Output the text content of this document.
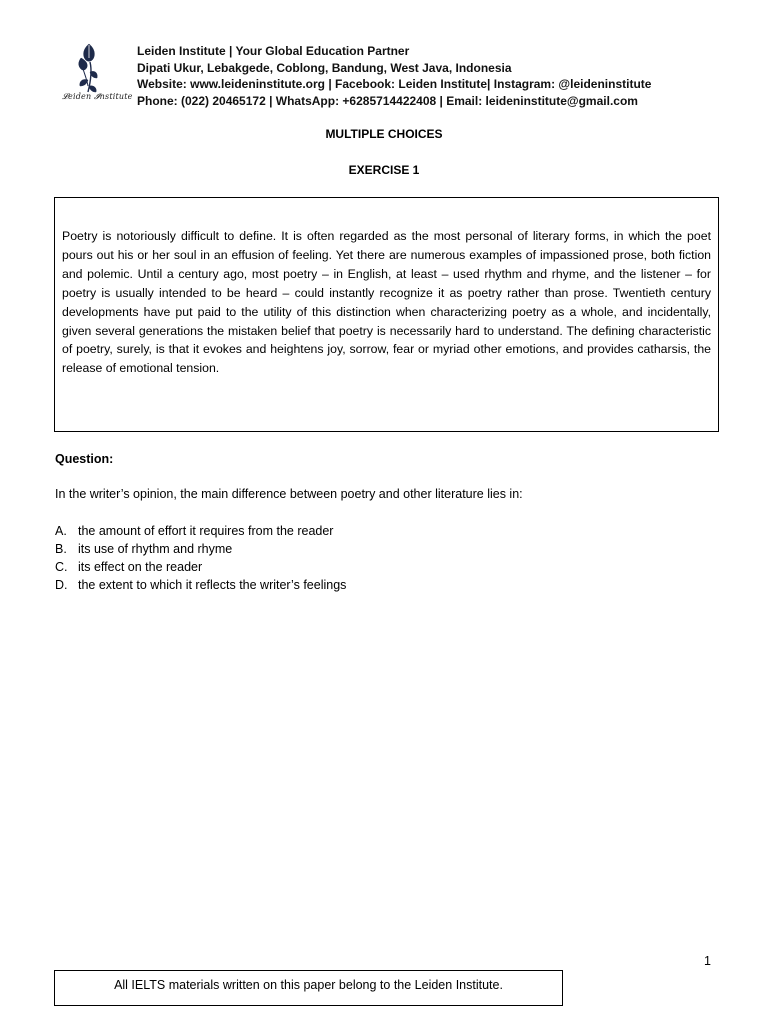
𝓛eiden 𝓘nstitute
Leiden Institute | Your Global Education Partner
Dipati Ukur, Lebakgede, Coblong, Bandung, West Java, Indonesia
Website: www.leideninstitute.org | Facebook: Leiden Institute| Instagram: @leideninstitute
Phone: (022) 20465172 | WhatsApp: +6285714422408 | Email: leideninstitute@gmail.com
MULTIPLE CHOICES
EXERCISE 1
Poetry is notoriously difficult to define. It is often regarded as the most personal of literary forms, in which the poet pours out his or her soul in an effusion of feeling. Yet there are numerous examples of impassioned prose, both fiction and polemic. Until a century ago, most poetry – in English, at least – used rhythm and rhyme, and the listener – for poetry is usually intended to be heard – could instantly recognize it as poetry rather than prose. Twentieth century developments have put paid to the utility of this distinction when characterizing poetry as a whole, and incidentally, given several generations the mistaken belief that poetry is necessarily hard to understand. The defining characteristic of poetry, surely, is that it evokes and heightens joy, sorrow, fear or myriad other emotions, and provides catharsis, the release of emotional tension.
Question:
In the writer’s opinion, the main difference between poetry and other literature lies in:
A. the amount of effort it requires from the reader
B. its use of rhythm and rhyme
C. its effect on the reader
D. the extent to which it reflects the writer’s feelings
1
All IELTS materials written on this paper belong to the Leiden Institute.
